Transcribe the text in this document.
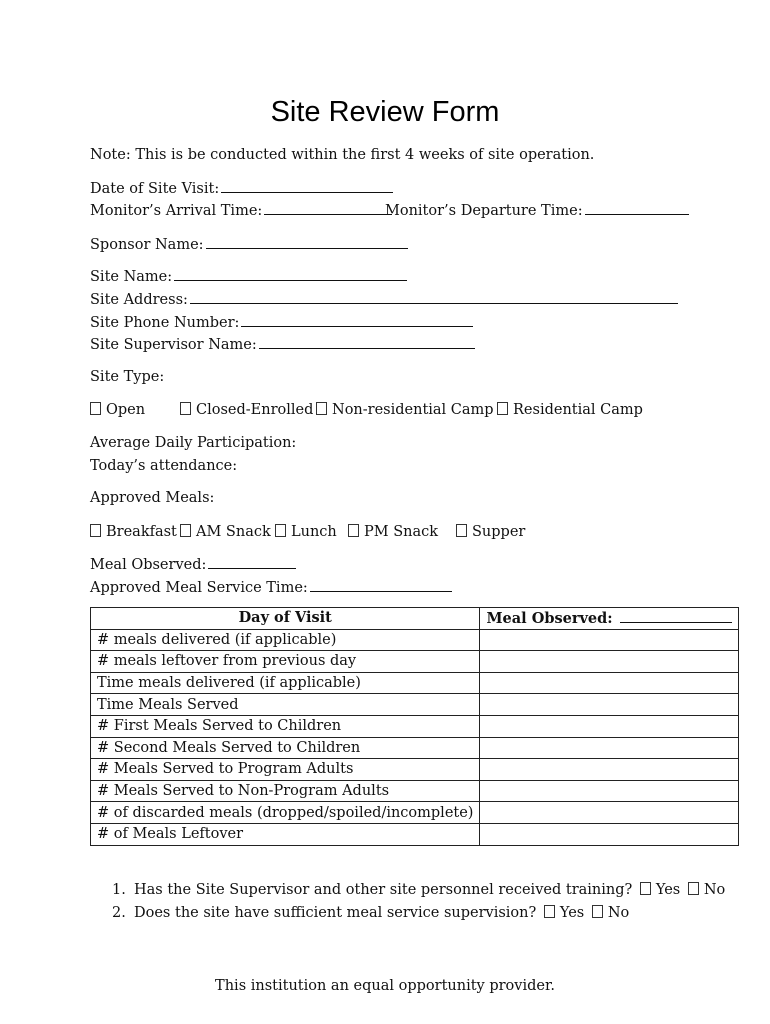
Site Review Form
Note: This is be conducted within the first 4 weeks of site operation.
Date of Site Visit:
Monitor’s Arrival Time:	Monitor’s Departure Time:
Sponsor Name:
Site Name:
Site Address:
Site Phone Number:
Site Supervisor Name:
Site Type:
Open	Closed-Enrolled	Non-residential Camp	Residential Camp
Average Daily Participation:
Today’s attendance:
Approved Meals:
Breakfast	AM Snack	Lunch	PM Snack	Supper
Meal Observed:
Approved Meal Service Time:
Day of Visit	Meal Observed:
# meals delivered (if applicable)	
# meals leftover from previous day	
Time meals delivered (if applicable)	
Time Meals Served	
# First Meals Served to Children	
# Second Meals Served to Children	
# Meals Served to Program Adults	
# Meals Served to Non-Program Adults	
# of discarded meals (dropped/spoiled/incomplete)	
# of Meals Leftover	
1. Has the Site Supervisor and other site personnel received training? Yes No
2. Does the site have sufficient meal service supervision? Yes No
This institution an equal opportunity provider.
